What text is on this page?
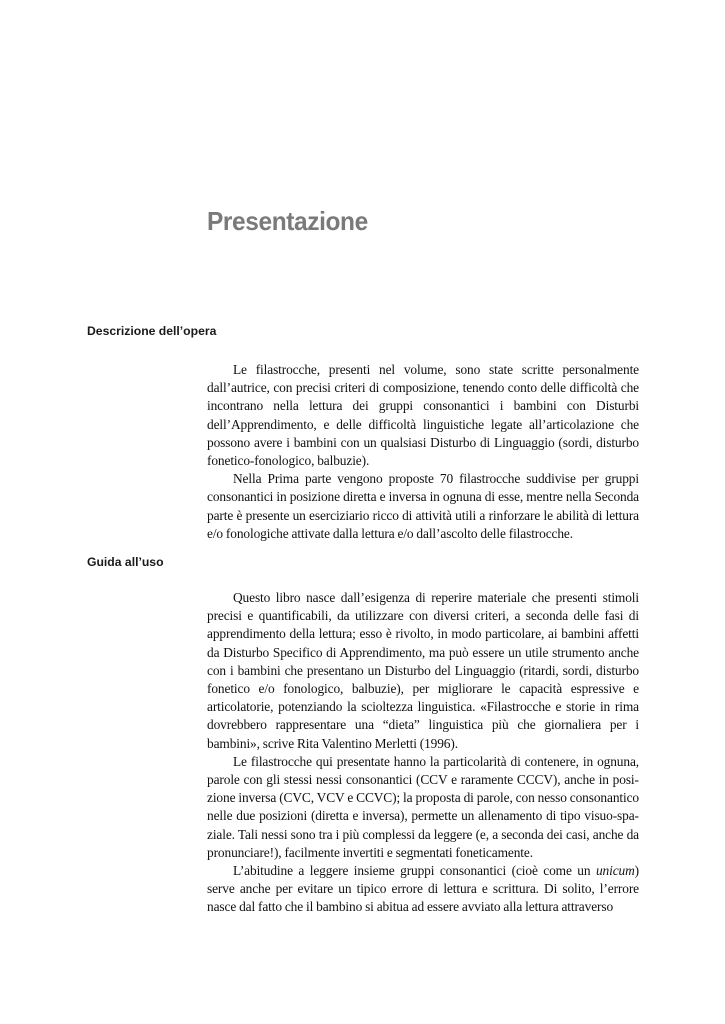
Presentazione
Descrizione dell’opera

Le filastrocche, presenti nel volume, sono state scritte personalmente dall’autrice, con precisi criteri di composizione, tenendo conto delle difficoltà che incontrano nella lettura dei gruppi consonantici i bambini con Disturbi dell’Apprendimento, e delle difficoltà linguistiche legate all’articolazione che possono avere i bambini con un qualsiasi Disturbo di Linguaggio (sordi, disturbo fonetico-fonologico, balbuzie).

Nella Prima parte vengono proposte 70 filastrocche suddivise per gruppi consonantici in posizione diretta e inversa in ognuna di esse, mentre nella Seconda parte è presente un eserciziario ricco di attività utili a rinforzare le abilità di lettura e/o fonologiche attivate dalla lettura e/o dall’ascolto delle filastrocche.

Guida all’uso

Questo libro nasce dall’esigenza di reperire materiale che presenti stimoli precisi e quantificabili, da utilizzare con diversi criteri, a seconda delle fasi di apprendimento della lettura; esso è rivolto, in modo particolare, ai bambini affetti da Disturbo Specifico di Apprendimento, ma può essere un utile strumento anche con i bambini che presentano un Disturbo del Linguaggio (ritardi, sordi, disturbo fonetico e/o fonologico, balbuzie), per migliorare le capacità espressive e articolatorie, potenziando la scioltezza linguistica. «Filastrocche e storie in rima dovrebbero rappresentare una “dieta” linguistica più che giornaliera per i bambini», scrive Rita Valentino Merletti (1996).

Le filastrocche qui presentate hanno la particolarità di contenere, in ognuna, parole con gli stessi nessi consonantici (CCV e raramente CCCV), anche in posizione inversa (CVC, VCV e CCVC); la proposta di parole, con nesso consonantico nelle due posizioni (diretta e inversa), permette un allenamento di tipo visuo-spaziale. Tali nessi sono tra i più complessi da leggere (e, a seconda dei casi, anche da pronunciare!), facilmente invertiti e segmentati foneticamente.

L’abitudine a leggere insieme gruppi consonantici (cioè come un unicum) serve anche per evitare un tipico errore di lettura e scrittura. Di solito, l’errore nasce dal fatto che il bambino si abitua ad essere avviato alla lettura attraverso
